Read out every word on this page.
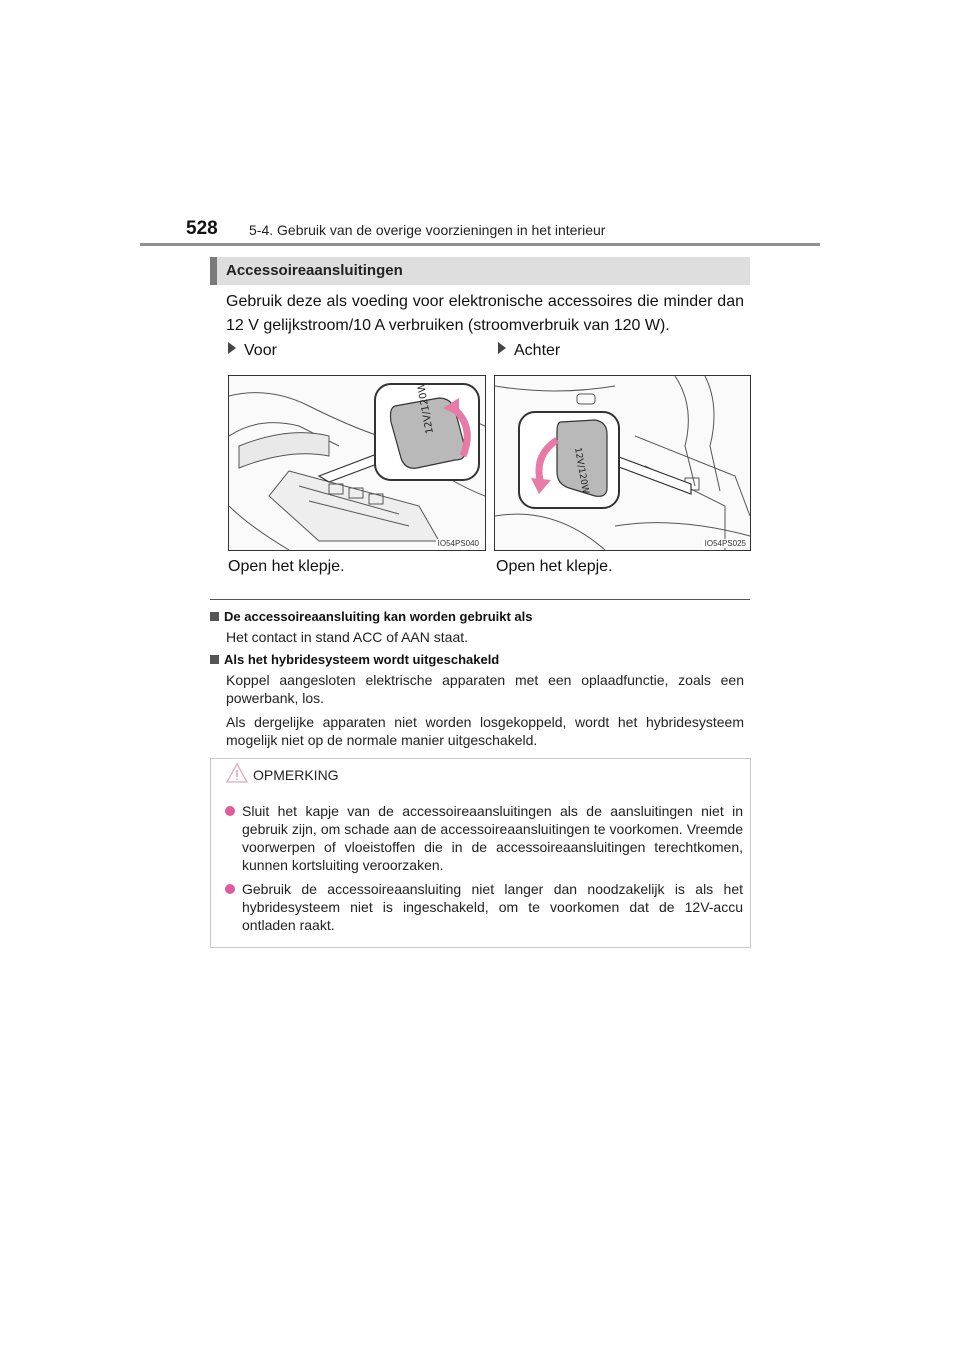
528 5-4. Gebruik van de overige voorzieningen in het interieur
Accessoireaansluitingen
Gebruik deze als voeding voor elektronische accessoires die minder dan 12 V gelijkstroom/10 A verbruiken (stroomverbruik van 120 W).
Voor	Achter
12V/120W
IO54PS040
12V/120W
IO54PS025
Open het klepje.	Open het klepje.
De accessoireaansluiting kan worden gebruikt als
Het contact in stand ACC of AAN staat.
Als het hybridesysteem wordt uitgeschakeld
Koppel aangesloten elektrische apparaten met een oplaadfunctie, zoals een powerbank, los.
Als dergelijke apparaten niet worden losgekoppeld, wordt het hybridesysteem mogelijk niet op de normale manier uitgeschakeld.
OPMERKING
Sluit het kapje van de accessoireaansluitingen als de aansluitingen niet in gebruik zijn, om schade aan de accessoireaansluitingen te voorkomen. Vreemde voorwerpen of vloeistoffen die in de accessoireaansluitingen terechtkomen, kunnen kortsluiting veroorzaken.
Gebruik de accessoireaansluiting niet langer dan noodzakelijk is als het hybridesysteem niet is ingeschakeld, om te voorkomen dat de 12V-accu ontladen raakt.
